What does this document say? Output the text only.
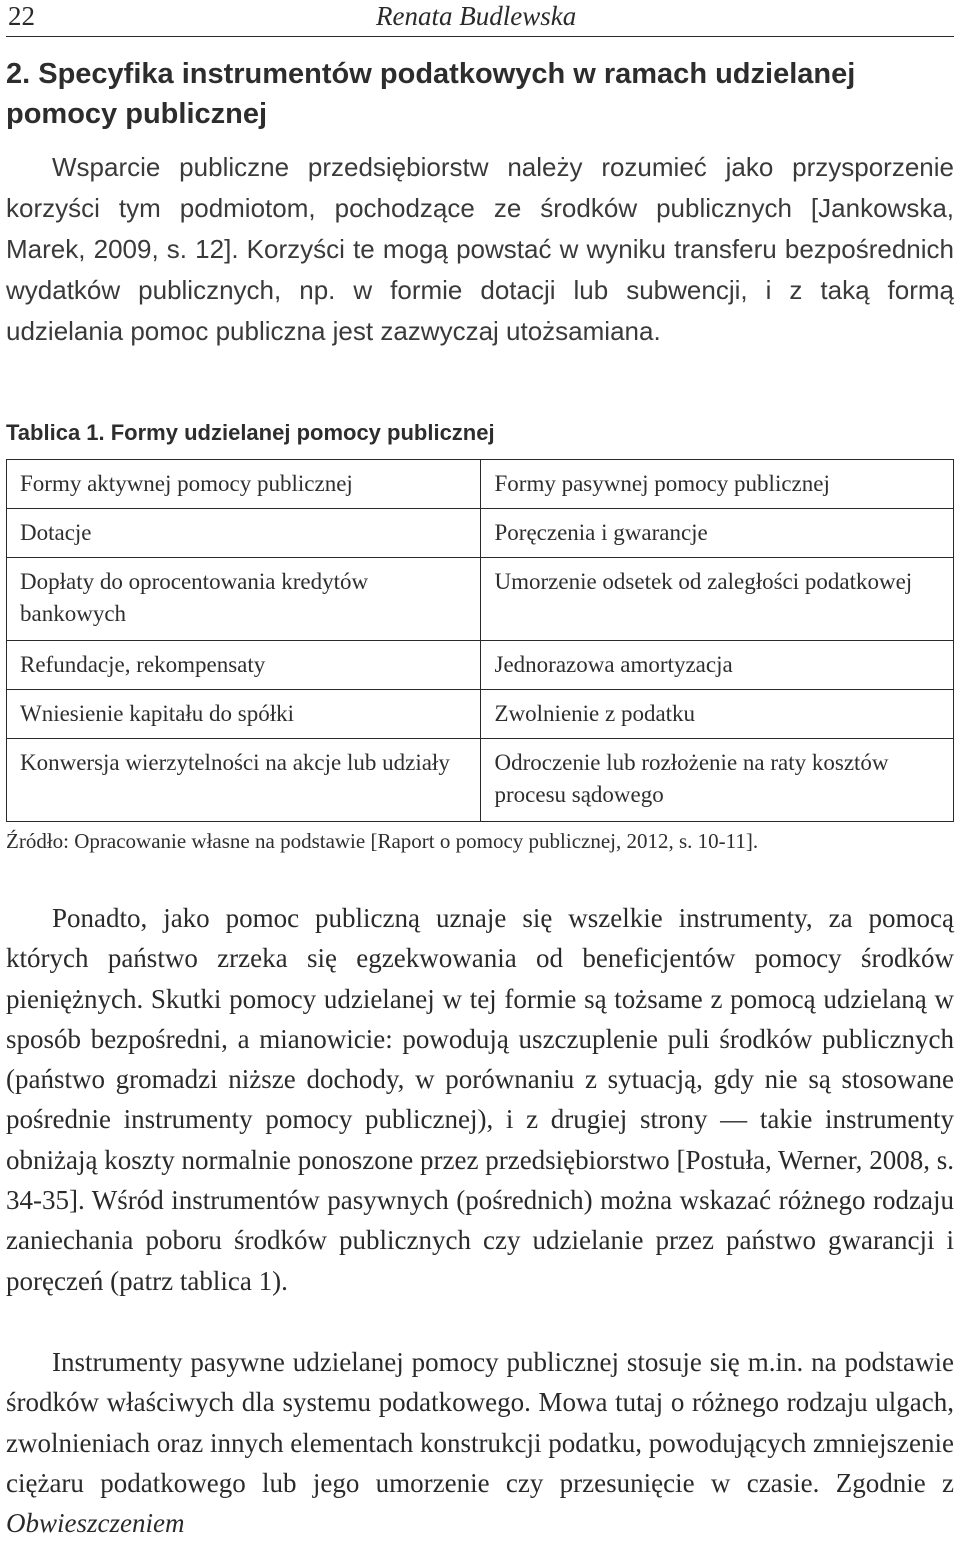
22	Renata Budlewska
2. Specyfika instrumentów podatkowych w ramach udzielanej pomocy publicznej

Wsparcie publiczne przedsiębiorstw należy rozumieć jako przysporzenie korzyści tym podmiotom, pochodzące ze środków publicznych [Jankowska, Marek, 2009, s. 12]. Korzyści te mogą powstać w wyniku transferu bezpośrednich wydatków publicznych, np. w formie dotacji lub subwencji, i z taką formą udzielania pomoc publiczna jest zazwyczaj utożsamiana.

Tablica 1. Formy udzielanej pomocy publicznej
Formy aktywnej pomocy publicznej	Formy pasywnej pomocy publicznej
Dotacje	Poręczenia i gwarancje
Dopłaty do oprocentowania kredytów bankowych	Umorzenie odsetek od zaległości podatkowej
Refundacje, rekompensaty	Jednorazowa amortyzacja
Wniesienie kapitału do spółki	Zwolnienie z podatku
Konwersja wierzytelności na akcje lub udziały	Odroczenie lub rozłożenie na raty kosztów procesu sądowego
Źródło: Opracowanie własne na podstawie [Raport o pomocy publicznej, 2012, s. 10-11].

Ponadto, jako pomoc publiczną uznaje się wszelkie instrumenty, za pomocą których państwo zrzeka się egzekwowania od beneficjentów pomocy środków pieniężnych. Skutki pomocy udzielanej w tej formie są tożsame z pomocą udzielaną w sposób bezpośredni, a mianowicie: powodują uszczuplenie puli środków publicznych (państwo gromadzi niższe dochody, w porównaniu z sytuacją, gdy nie są stosowane pośrednie instrumenty pomocy publicznej), i z drugiej strony — takie instrumenty obniżają koszty normalnie ponoszone przez przedsiębiorstwo [Postuła, Werner, 2008, s. 34-35]. Wśród instrumentów pasywnych (pośrednich) można wskazać różnego rodzaju zaniechania poboru środków publicznych czy udzielanie przez państwo gwarancji i poręczeń (patrz tablica 1).

Instrumenty pasywne udzielanej pomocy publicznej stosuje się m.in. na podstawie środków właściwych dla systemu podatkowego. Mowa tutaj o różnego rodzaju ulgach, zwolnieniach oraz innych elementach konstrukcji podatku, powodujących zmniejszenie ciężaru podatkowego lub jego umorzenie czy przesunięcie w czasie. Zgodnie z Obwieszczeniem
